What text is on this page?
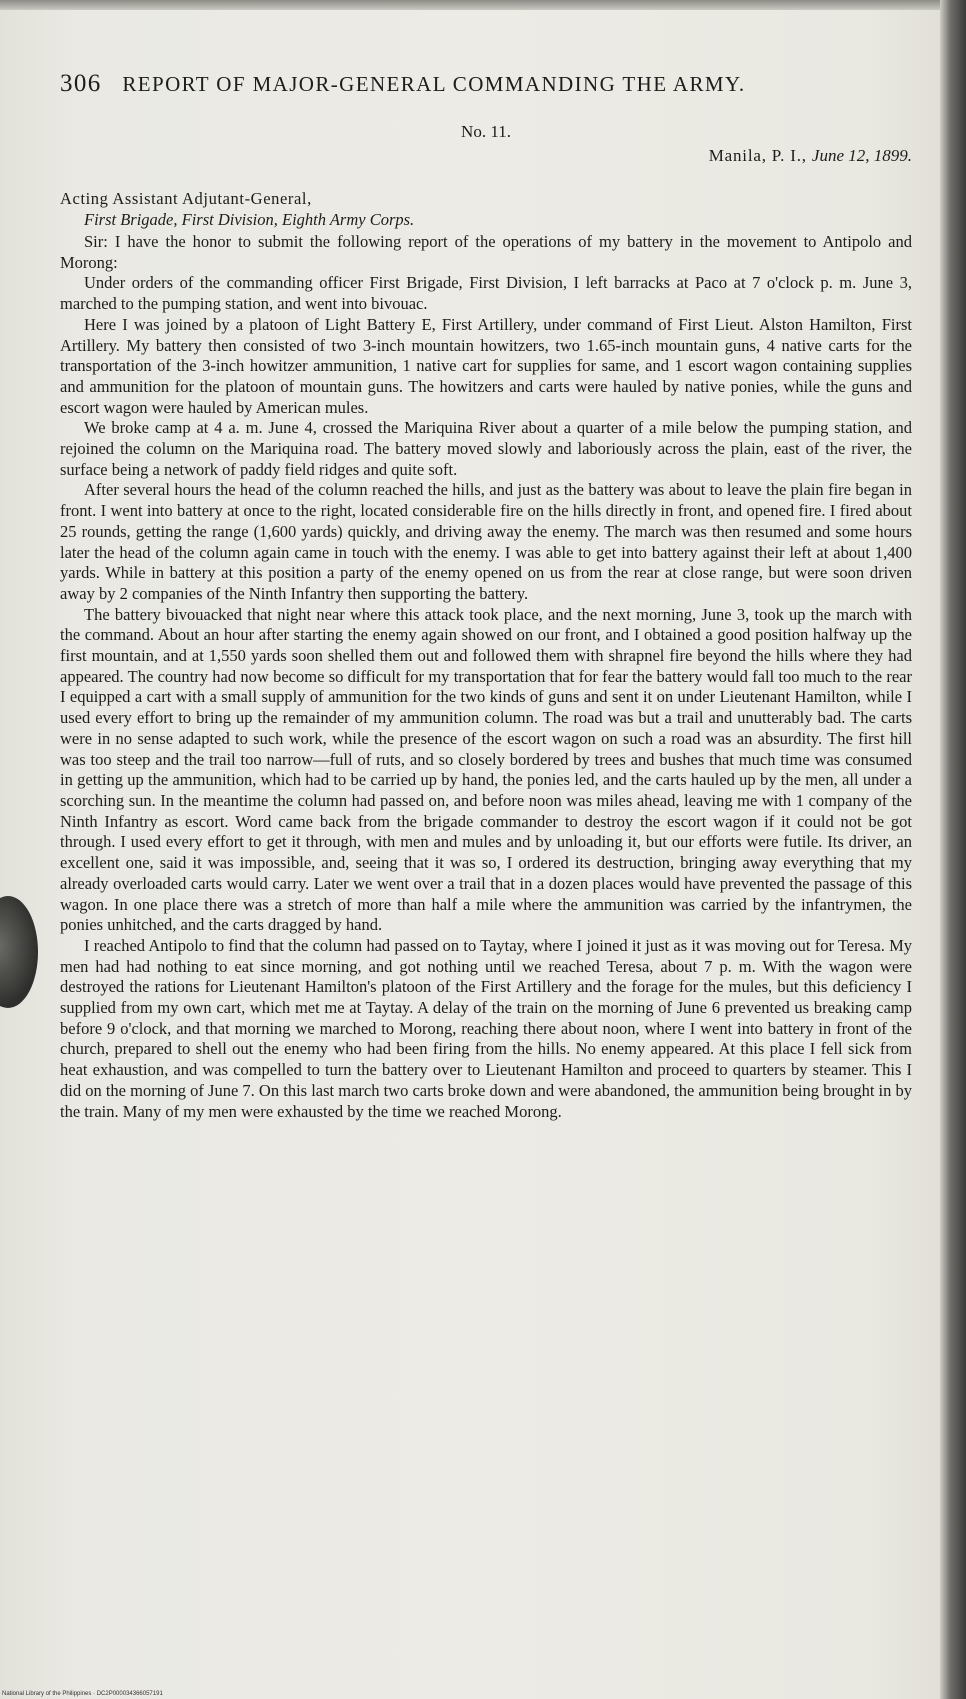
306 REPORT OF MAJOR-GENERAL COMMANDING THE ARMY.
No. 11.
Manila, P. I., June 12, 1899.
Acting Assistant Adjutant-General,
First Brigade, First Division, Eighth Army Corps.

Sir: I have the honor to submit the following report of the operations of my battery in the movement to Antipolo and Morong:

Under orders of the commanding officer First Brigade, First Division, I left barracks at Paco at 7 o'clock p. m. June 3, marched to the pumping station, and went into bivouac.

Here I was joined by a platoon of Light Battery E, First Artillery, under command of First Lieut. Alston Hamilton, First Artillery. My battery then consisted of two 3-inch mountain howitzers, two 1.65-inch mountain guns, 4 native carts for the transportation of the 3-inch howitzer ammunition, 1 native cart for supplies for same, and 1 escort wagon containing supplies and ammunition for the platoon of mountain guns. The howitzers and carts were hauled by native ponies, while the guns and escort wagon were hauled by American mules.

We broke camp at 4 a. m. June 4, crossed the Mariquina River about a quarter of a mile below the pumping station, and rejoined the column on the Mariquina road. The battery moved slowly and laboriously across the plain, east of the river, the surface being a network of paddy field ridges and quite soft.

After several hours the head of the column reached the hills, and just as the battery was about to leave the plain fire began in front. I went into battery at once to the right, located considerable fire on the hills directly in front, and opened fire. I fired about 25 rounds, getting the range (1,600 yards) quickly, and driving away the enemy. The march was then resumed and some hours later the head of the column again came in touch with the enemy. I was able to get into battery against their left at about 1,400 yards. While in battery at this position a party of the enemy opened on us from the rear at close range, but were soon driven away by 2 companies of the Ninth Infantry then supporting the battery.

The battery bivouacked that night near where this attack took place, and the next morning, June 3, took up the march with the command. About an hour after starting the enemy again showed on our front, and I obtained a good position halfway up the first mountain, and at 1,550 yards soon shelled them out and followed them with shrapnel fire beyond the hills where they had appeared. The country had now become so difficult for my transportation that for fear the battery would fall too much to the rear I equipped a cart with a small supply of ammunition for the two kinds of guns and sent it on under Lieutenant Hamilton, while I used every effort to bring up the remainder of my ammunition column. The road was but a trail and unutterably bad. The carts were in no sense adapted to such work, while the presence of the escort wagon on such a road was an absurdity. The first hill was too steep and the trail too narrow—full of ruts, and so closely bordered by trees and bushes that much time was consumed in getting up the ammunition, which had to be carried up by hand, the ponies led, and the carts hauled up by the men, all under a scorching sun. In the meantime the column had passed on, and before noon was miles ahead, leaving me with 1 company of the Ninth Infantry as escort. Word came back from the brigade commander to destroy the escort wagon if it could not be got through. I used every effort to get it through, with men and mules and by unloading it, but our efforts were futile. Its driver, an excellent one, said it was impossible, and, seeing that it was so, I ordered its destruction, bringing away everything that my already overloaded carts would carry. Later we went over a trail that in a dozen places would have prevented the passage of this wagon. In one place there was a stretch of more than half a mile where the ammunition was carried by the infantrymen, the ponies unhitched, and the carts dragged by hand.

I reached Antipolo to find that the column had passed on to Taytay, where I joined it just as it was moving out for Teresa. My men had had nothing to eat since morning, and got nothing until we reached Teresa, about 7 p. m. With the wagon were destroyed the rations for Lieutenant Hamilton's platoon of the First Artillery and the forage for the mules, but this deficiency I supplied from my own cart, which met me at Taytay. A delay of the train on the morning of June 6 prevented us breaking camp before 9 o'clock, and that morning we marched to Morong, reaching there about noon, where I went into battery in front of the church, prepared to shell out the enemy who had been firing from the hills. No enemy appeared. At this place I fell sick from heat exhaustion, and was compelled to turn the battery over to Lieutenant Hamilton and proceed to quarters by steamer. This I did on the morning of June 7. On this last march two carts broke down and were abandoned, the ammunition being brought in by the train. Many of my men were exhausted by the time we reached Morong.

National Library of the Philippines · DC2P000034366057191
